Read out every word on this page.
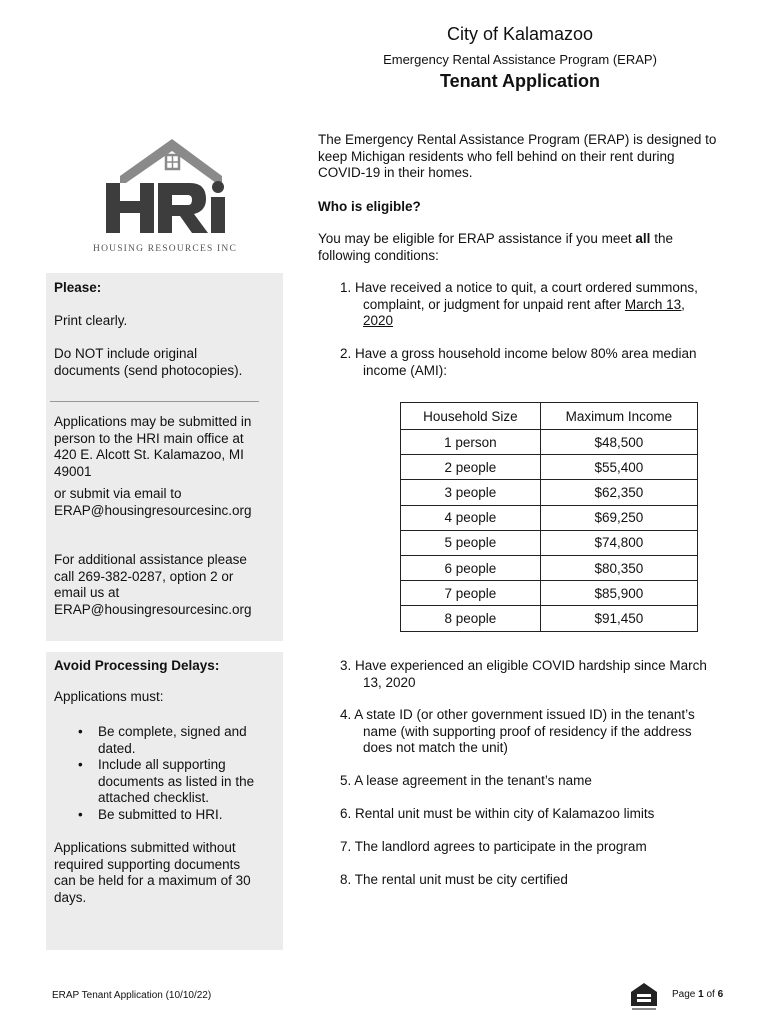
City of Kalamazoo
Emergency Rental Assistance Program (ERAP)
Tenant Application
HOUSING RESOURCES INC

Please:

Print clearly.

Do NOT include original documents (send photocopies).

Applications may be submitted in person to the HRI main office at 420 E. Alcott St. Kalamazoo, MI 49001

or submit via email to ERAP@housingresourcesinc.org

For additional assistance please call 269-382-0287, option 2 or email us at ERAP@housingresourcesinc.org

Avoid Processing Delays:

Applications must:

• Be complete, signed and dated.
• Include all supporting documents as listed in the attached checklist.
• Be submitted to HRI.

Applications submitted without required supporting documents can be held for a maximum of 30 days.

The Emergency Rental Assistance Program (ERAP) is designed to keep Michigan residents who fell behind on their rent during COVID-19 in their homes.

Who is eligible?

You may be eligible for ERAP assistance if you meet all the following conditions:

1. Have received a notice to quit, a court ordered summons, complaint, or judgment for unpaid rent after March 13, 2020

2. Have a gross household income below 80% area median income (AMI):

3. Have experienced an eligible COVID hardship since March 13, 2020

4. A state ID (or other government issued ID) in the tenant’s name (with supporting proof of residency if the address does not match the unit)

5. A lease agreement in the tenant’s name

6. Rental unit must be within city of Kalamazoo limits

7. The landlord agrees to participate in the program

8. The rental unit must be city certified

Household Size	Maximum Income
1 person	$48,500
2 people	$55,400
3 people	$62,350
4 people	$69,250
5 people	$74,800
6 people	$80,350
7 people	$85,900
8 people	$91,450
ERAP Tenant Application (10/10/22)	Page 1 of 6
